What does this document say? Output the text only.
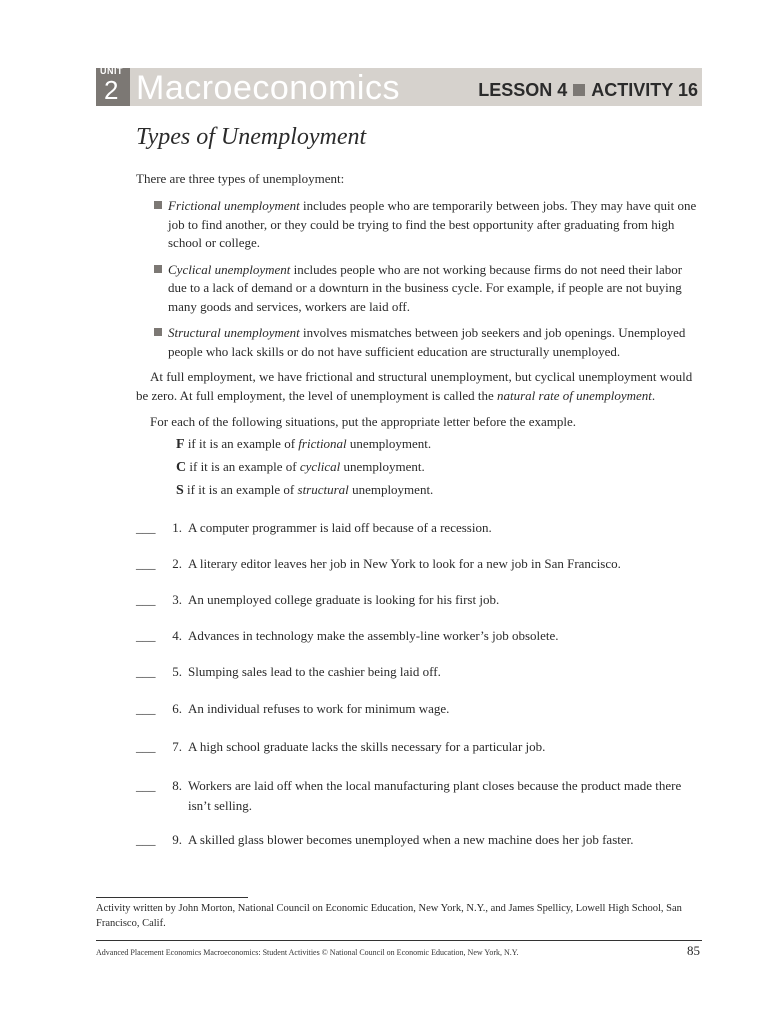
UNIT
2 Macroeconomics	LESSON 4 ACTIVITY 16
Types of Unemployment
There are three types of unemployment:
Frictional unemployment includes people who are temporarily between jobs. They may have quit one job to find another, or they could be trying to find the best opportunity after graduating from high school or college.
Cyclical unemployment includes people who are not working because firms do not need their labor due to a lack of demand or a downturn in the business cycle. For example, if people are not buying many goods and services, workers are laid off.
Structural unemployment involves mismatches between job seekers and job openings. Unemployed people who lack skills or do not have sufficient education are structurally unemployed.
At full employment, we have frictional and structural unemployment, but cyclical unemployment would be zero. At full employment, the level of unemployment is called the natural rate of unemployment.
For each of the following situations, put the appropriate letter before the example.
F if it is an example of frictional unemployment.
C if it is an example of cyclical unemployment.
S if it is an example of structural unemployment.
___ 1. A computer programmer is laid off because of a recession.
___ 2. A literary editor leaves her job in New York to look for a new job in San Francisco.
___ 3. An unemployed college graduate is looking for his first job.
___ 4. Advances in technology make the assembly-line worker’s job obsolete.
___ 5. Slumping sales lead to the cashier being laid off.
___ 6. An individual refuses to work for minimum wage.
___ 7. A high school graduate lacks the skills necessary for a particular job.
___ 8. Workers are laid off when the local manufacturing plant closes because the product made there isn’t selling.
___ 9. A skilled glass blower becomes unemployed when a new machine does her job faster.
Activity written by John Morton, National Council on Economic Education, New York, N.Y., and James Spellicy, Lowell High School, San Francisco, Calif.
Advanced Placement Economics Macroeconomics: Student Activities © National Council on Economic Education, New York, N.Y.	85
